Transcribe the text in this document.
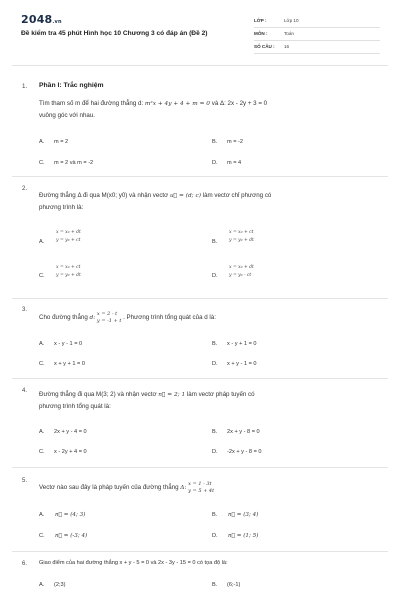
2048.vn
Đề kiểm tra 45 phút Hình học 10 Chương 3 có đáp án (Đề 2)
LỚP :	Lớp 10
MÔN :	Toán
SỐ CÂU : 16
1. Phần I: Trắc nghiệm
Tìm tham số m để hai đường thẳng d: m²x + 4y + 4 + m = 0 và Δ: 2x - 2y + 3 = 0
vuông góc với nhau.
A. m = 2	B. m = -2
C. m = 2 và m = -2	D. m = 4
2.
Đường thẳng Δ đi qua M(x0; y0) và nhận vectơ u⃗ = (d; c) làm vectơ chỉ phương có
phương trình là:
A.
x = x₀ + dt
y = y₀ + ct	B.
x = x₀ + ct
y = y₀ + dt
C.
x = x₀ + ct
y = y₀ + dt	D.
x = x₀ + dt
y = y₀ - ct
3.
Cho đường thẳng d:
x = 2 - t
y = -1 + t . Phương trình tổng quát của d là:
A. x - y - 1 = 0	B. x - y + 1 = 0
C. x + y + 1 = 0	D. x + y - 1 = 0
4. Đường thẳng đi qua M(3; 2) và nhận vectơ n⃗ = 2; 1 làm vectơ pháp tuyến có
phương trình tổng quát là:
A. 2x + y - 4 = 0	B. 2x + y - 8 = 0
C. x - 2y + 4 = 0	D. -2x + y - 8 = 0
5.
Vectơ nào sau đây là pháp tuyến của đường thẳng Δ:
x = 1 - 3t
y = 5 + 4t
A. n⃗ = (4; 3)	B. n⃗ = (3; 4)
C. n⃗ = (-3; 4)	D. n⃗ = (1; 5)
6. Giao điểm của hai đường thẳng x + y - 5 = 0 và 2x - 3y - 15 = 0 có tọa độ là:
A. (2;3)	B. (6;-1)
